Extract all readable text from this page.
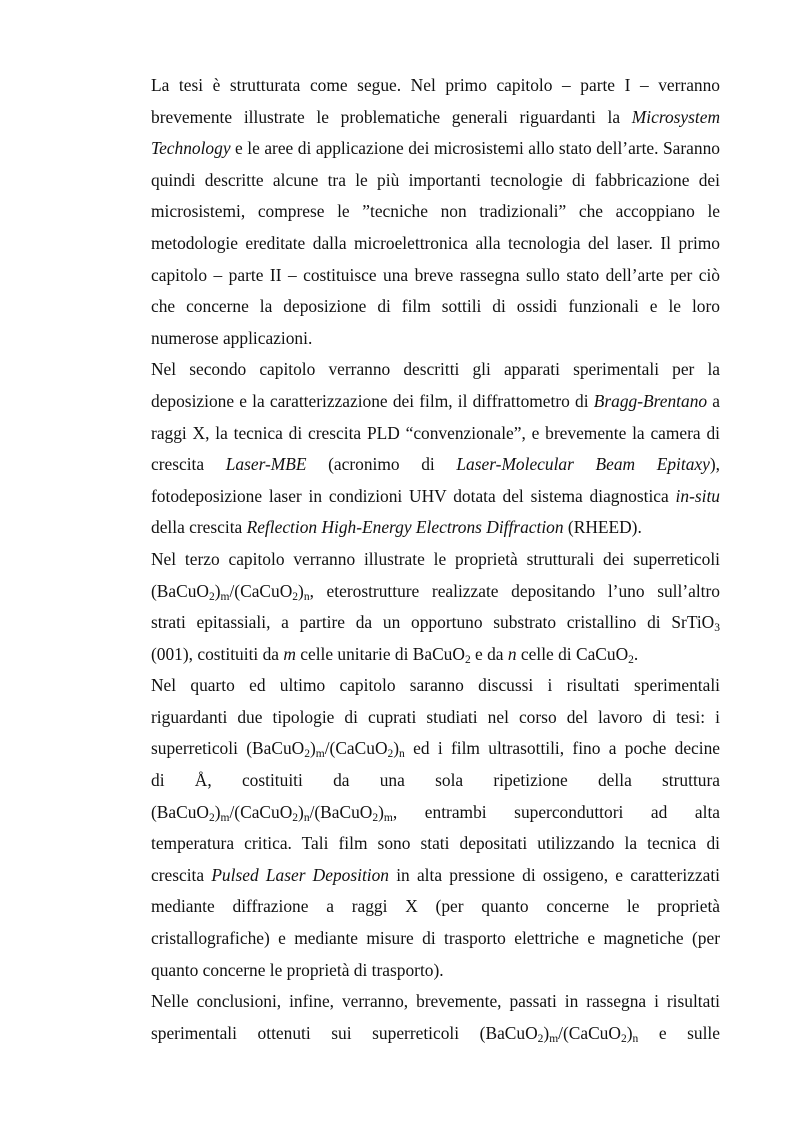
La tesi è strutturata come segue. Nel primo capitolo – parte I – verranno
brevemente illustrate le problematiche generali riguardanti la Microsystem
Technology e le aree di applicazione dei microsistemi allo stato dell’arte. Saranno
quindi descritte alcune tra le più importanti tecnologie di fabbricazione dei
microsistemi, comprese le ”tecniche non tradizionali” che accoppiano le
metodologie ereditate dalla microelettronica alla tecnologia del laser. Il primo
capitolo – parte II – costituisce una breve rassegna sullo stato dell’arte per ciò
che concerne la deposizione di film sottili di ossidi funzionali e le loro
numerose applicazioni.
Nel secondo capitolo verranno descritti gli apparati sperimentali per la
deposizione e la caratterizzazione dei film, il diffrattometro di Bragg-Brentano a
raggi X, la tecnica di crescita PLD “convenzionale”, e brevemente la camera di
crescita Laser-MBE (acronimo di Laser-Molecular Beam Epitaxy),
fotodeposizione laser in condizioni UHV dotata del sistema diagnostica in-situ
della crescita Reflection High-Energy Electrons Diffraction (RHEED).
Nel terzo capitolo verranno illustrate le proprietà strutturali dei superreticoli
$(BaCuO_2)_m/(CaCuO_2)_n$, eterostrutture realizzate depositando l’uno sull’altro
strati epitassiali, a partire da un opportuno substrato cristallino di SrTiO$_3$
(001), costituiti da m celle unitarie di BaCuO$_2$ e da n celle di CaCuO$_2$.
Nel quarto ed ultimo capitolo saranno discussi i risultati sperimentali
riguardanti due tipologie di cuprati studiati nel corso del lavoro di tesi: i
superreticoli $(BaCuO_2)_m/(CaCuO_2)_n$ ed i film ultrasottili, fino a poche decine
di Å, costituiti da una sola ripetizione della struttura
$(BaCuO_2)_m/(CaCuO_2)_n/(BaCuO_2)_m$, entrambi superconduttori ad alta
temperatura critica. Tali film sono stati depositati utilizzando la tecnica di
crescita Pulsed Laser Deposition in alta pressione di ossigeno, e caratterizzati
mediante diffrazione a raggi X (per quanto concerne le proprietà
cristallografiche) e mediante misure di trasporto elettriche e magnetiche (per
quanto concerne le proprietà di trasporto).
Nelle conclusioni, infine, verranno, brevemente, passati in rassegna i risultati
sperimentali ottenuti sui superreticoli $(BaCuO_2)_m/(CaCuO_2)_n$ e sulle
